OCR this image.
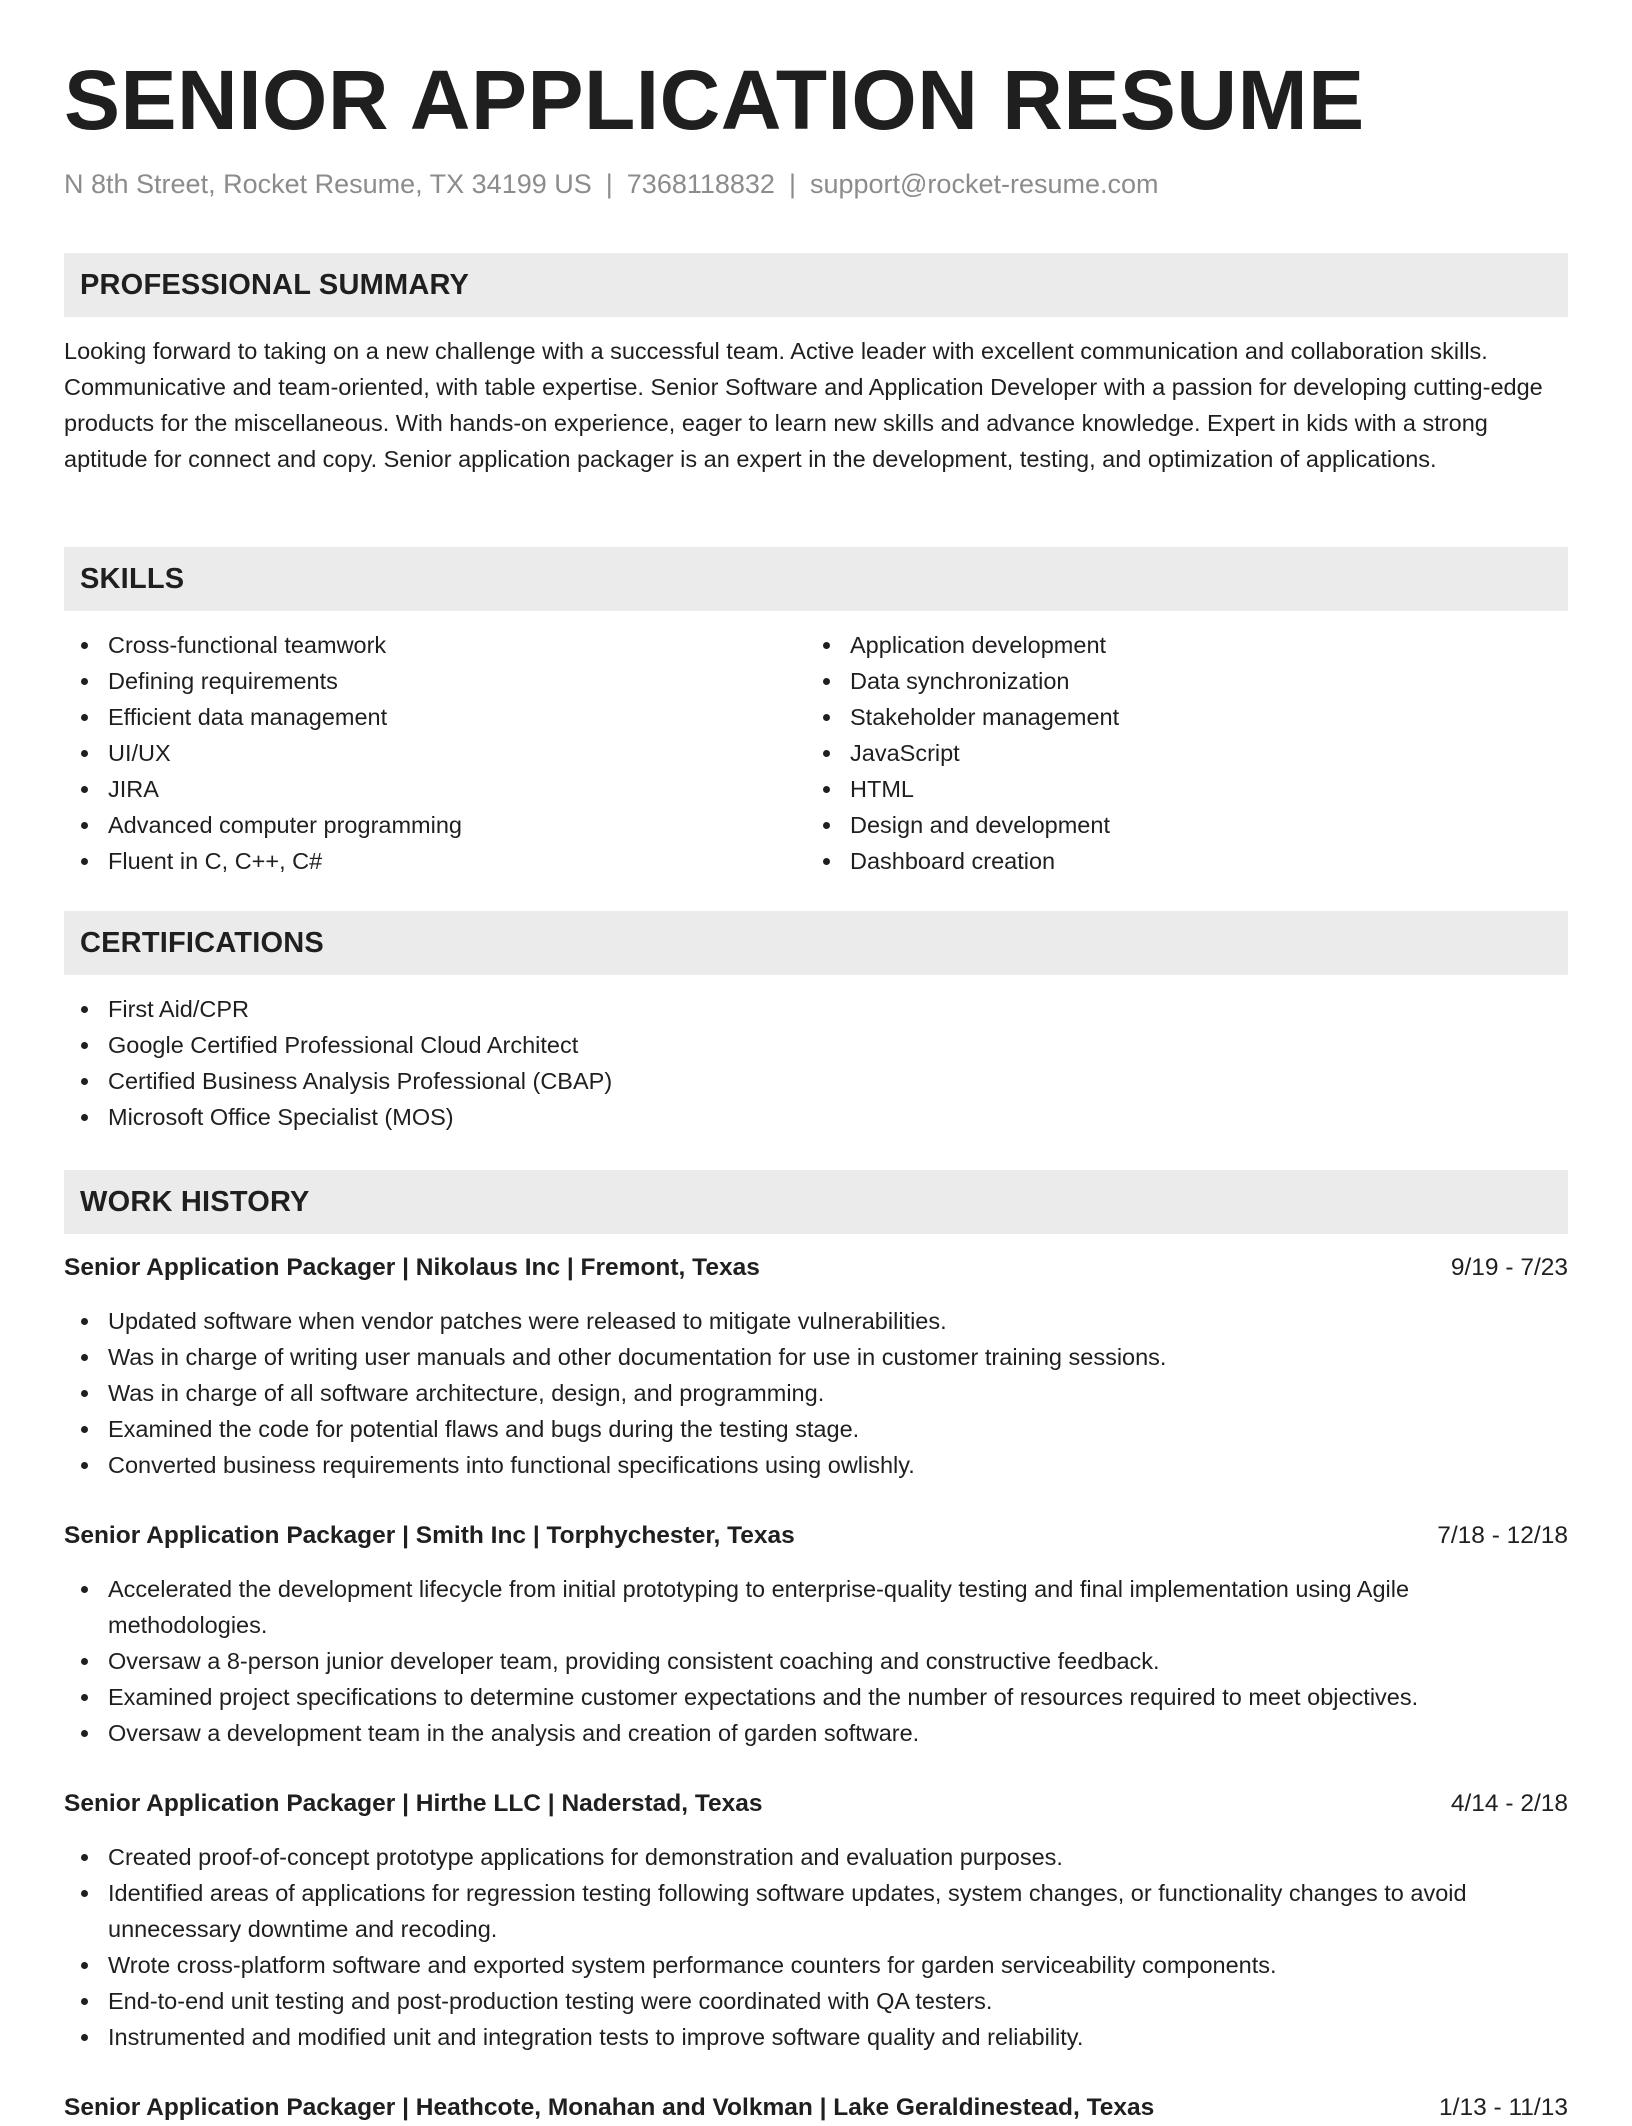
SENIOR APPLICATION RESUME
N 8th Street, Rocket Resume, TX 34199 US | 7368118832 | support@rocket-resume.com
PROFESSIONAL SUMMARY

Looking forward to taking on a new challenge with a successful team. Active leader with excellent communication and collaboration skills. Communicative and team-oriented, with table expertise. Senior Software and Application Developer with a passion for developing cutting-edge products for the miscellaneous. With hands-on experience, eager to learn new skills and advance knowledge. Expert in kids with a strong aptitude for connect and copy. Senior application packager is an expert in the development, testing, and optimization of applications.

SKILLS
Cross-functional teamwork
Defining requirements
Efficient data management
UI/UX
JIRA
Advanced computer programming
Fluent in C, C++, C#
Application development
Data synchronization
Stakeholder management
JavaScript
HTML
Design and development
Dashboard creation
CERTIFICATIONS
First Aid/CPR
Google Certified Professional Cloud Architect
Certified Business Analysis Professional (CBAP)
Microsoft Office Specialist (MOS)
WORK HISTORY
Senior Application Packager | Nikolaus Inc | Fremont, Texas	9/19 - 7/23
Updated software when vendor patches were released to mitigate vulnerabilities.
Was in charge of writing user manuals and other documentation for use in customer training sessions.
Was in charge of all software architecture, design, and programming.
Examined the code for potential flaws and bugs during the testing stage.
Converted business requirements into functional specifications using owlishly.
Senior Application Packager | Smith Inc | Torphychester, Texas	7/18 - 12/18
Accelerated the development lifecycle from initial prototyping to enterprise-quality testing and final implementation using Agile methodologies.
Oversaw a 8-person junior developer team, providing consistent coaching and constructive feedback.
Examined project specifications to determine customer expectations and the number of resources required to meet objectives.
Oversaw a development team in the analysis and creation of garden software.
Senior Application Packager | Hirthe LLC | Naderstad, Texas	4/14 - 2/18
Created proof-of-concept prototype applications for demonstration and evaluation purposes.
Identified areas of applications for regression testing following software updates, system changes, or functionality changes to avoid unnecessary downtime and recoding.
Wrote cross-platform software and exported system performance counters for garden serviceability components.
End-to-end unit testing and post-production testing were coordinated with QA testers.
Instrumented and modified unit and integration tests to improve software quality and reliability.
Senior Application Packager | Heathcote, Monahan and Volkman | Lake Geraldinestead, Texas	1/13 - 11/13
